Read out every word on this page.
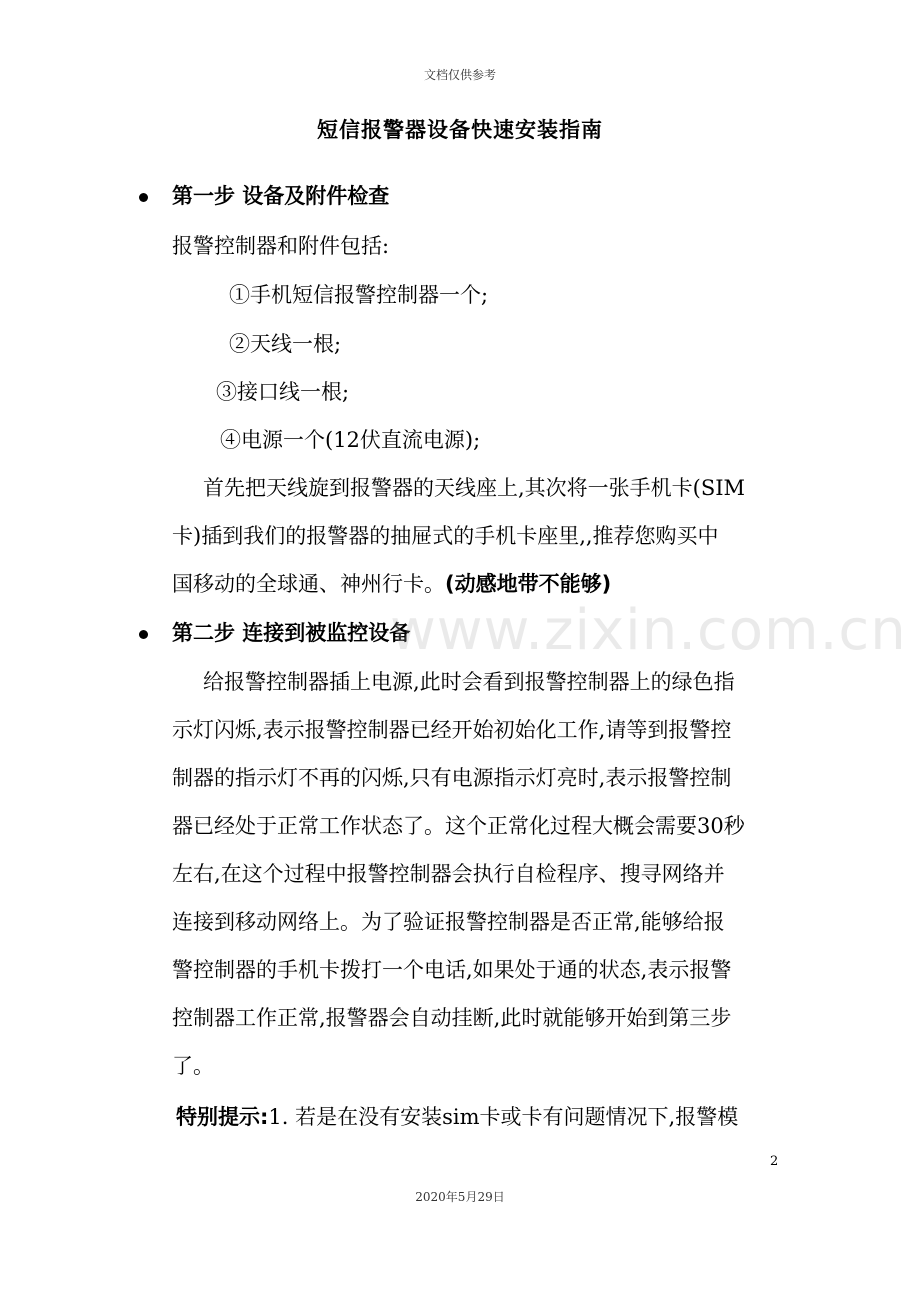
文档仅供参考
短信报警器设备快速安装指南
第一步 设备及附件检查
报警控制器和附件包括:
①手机短信报警控制器一个;
②天线一根;
③接口线一根;
④电源一个(12伏直流电源);
首先把天线旋到报警器的天线座上,其次将一张手机卡(SIM
卡)插到我们的报警器的抽屉式的手机卡座里,,推荐您购买中
国移动的全球通、神州行卡。(动感地带不能够)
第二步 连接到被监控设备
给报警控制器插上电源,此时会看到报警控制器上的绿色指
示灯闪烁,表示报警控制器已经开始初始化工作,请等到报警控
制器的指示灯不再的闪烁,只有电源指示灯亮时,表示报警控制
器已经处于正常工作状态了。这个正常化过程大概会需要30秒
左右,在这个过程中报警控制器会执行自检程序、搜寻网络并
连接到移动网络上。为了验证报警控制器是否正常,能够给报
警控制器的手机卡拨打一个电话,如果处于通的状态,表示报警
控制器工作正常,报警器会自动挂断,此时就能够开始到第三步
了。
特别提示:1. 若是在没有安装sim卡或卡有问题情况下,报警模
www.zixin.com.cn
2
2020年5月29日
